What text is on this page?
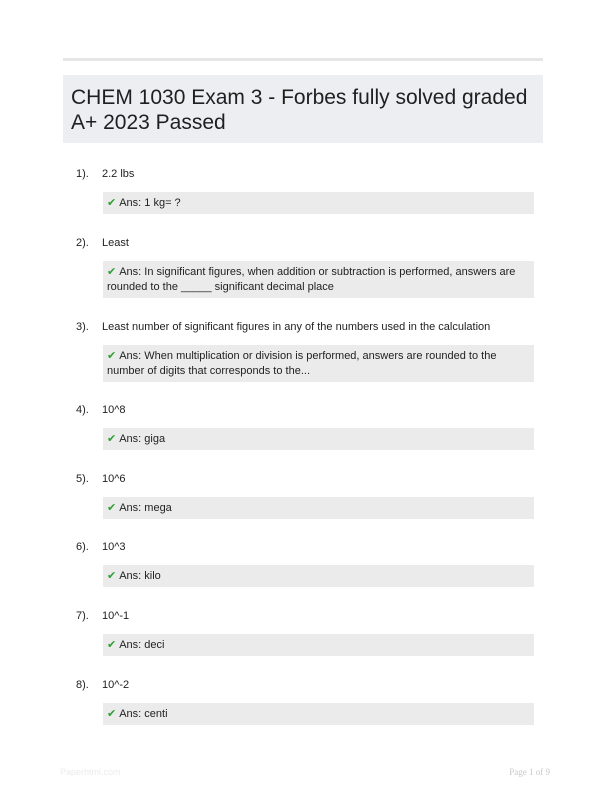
CHEM 1030 Exam 3 - Forbes fully solved graded A+ 2023 Passed
1). 2.2 lbs
✔ Ans: 1 kg= ?
2). Least
✔ Ans: In significant figures, when addition or subtraction is performed, answers are rounded to the _____ significant decimal place
3). Least number of significant figures in any of the numbers used in the calculation
✔ Ans: When multiplication or division is performed, answers are rounded to the number of digits that corresponds to the...
4). 10^8
✔ Ans: giga
5). 10^6
✔ Ans: mega
6). 10^3
✔ Ans: kilo
7). 10^-1
✔ Ans: deci
8). 10^-2
✔ Ans: centi
Paperhtml.com	Page 1 of 9
